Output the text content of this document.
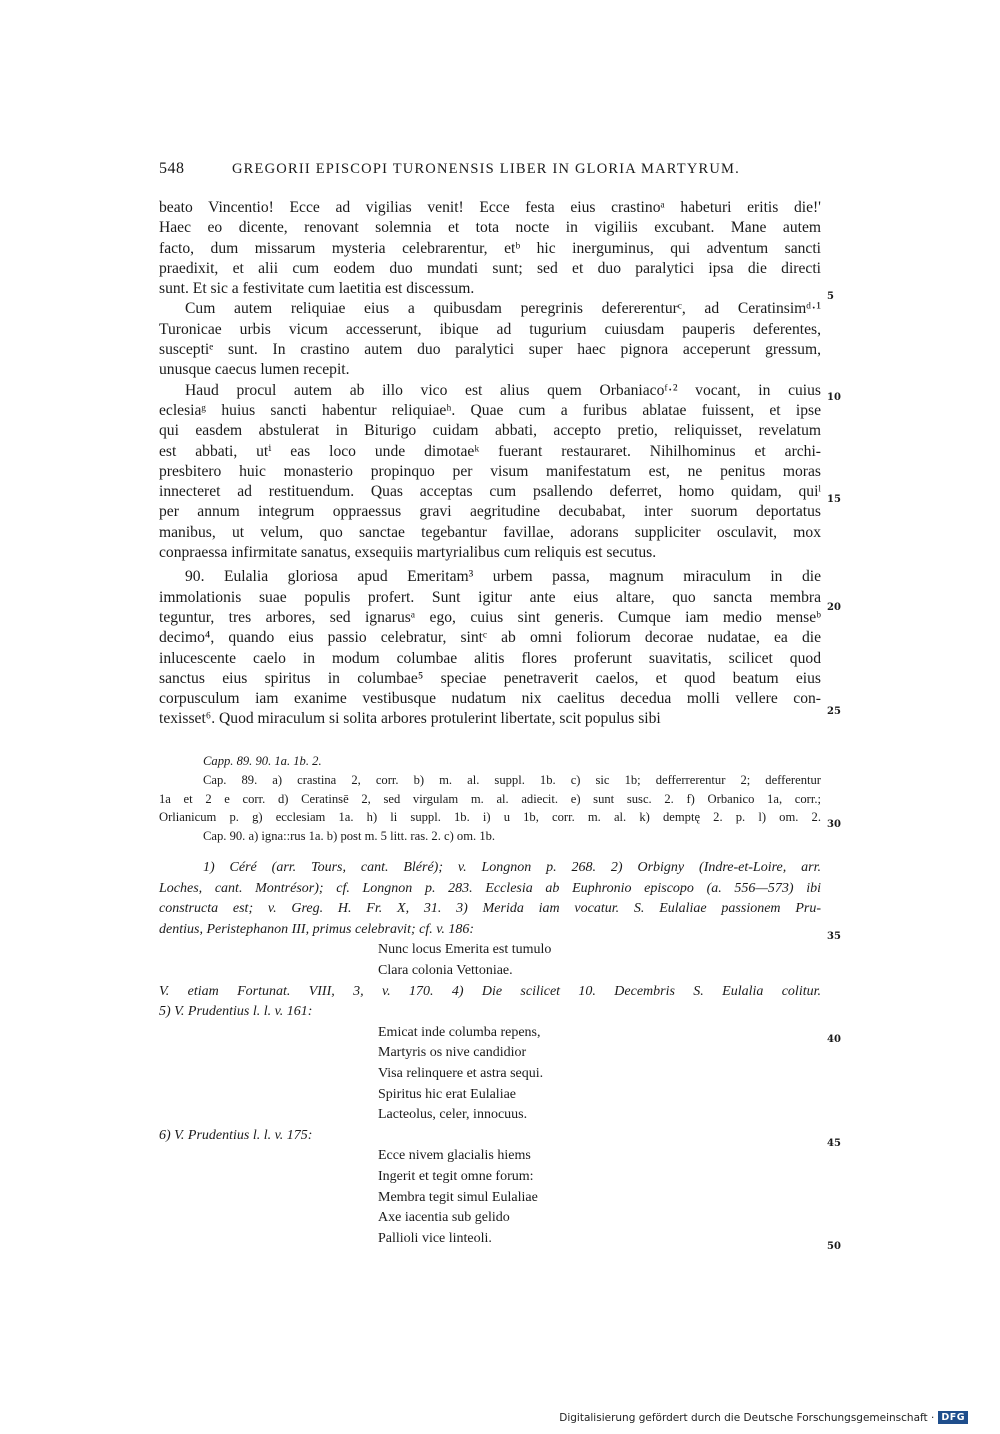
548	GREGORII EPISCOPI TURONENSIS LIBER IN GLORIA MARTYRUM.

beato Vincentio! Ecce ad vigilias venit! Ecce festa eius crastinoᵃ habeturi eritis die!'
Haec eo dicente, renovant solemnia et tota nocte in vigiliis excubant. Mane autem
facto, dum missarum mysteria celebrarentur, etᵇ hic inerguminus, qui adventum sancti
praedixit, et alii cum eodem duo mundati sunt; sed et duo paralytici ipsa die directi
sunt. Et sic a festivitate cum laetitia est discessum.

Cum autem reliquiae eius a quibusdam peregrinis defererenturᶜ, ad Ceratinsimᵈ·¹
Turonicae urbis vicum accesserunt, ibique ad tugurium cuiusdam pauperis deferentes,
susceptiᵉ sunt. In crastino autem duo paralytici super haec pignora acceperunt gressum,
unusque caecus lumen recepit.

Haud procul autem ab illo vico est alius quem Orbaniacoᶠ·² vocant, in cuius
eclesiaᵍ huius sancti habentur reliquiaeʰ. Quae cum a furibus ablatae fuissent, et ipse
qui easdem abstulerat in Biturigo cuidam abbati, accepto pretio, reliquisset, revelatum
est abbati, utⁱ eas loco unde dimotaeᵏ fuerant restauraret. Nihilhominus et archi-
presbitero huic monasterio propinquo per visum manifestatum est, ne penitus moras
innecteret ad restituendum. Quas acceptas cum psallendo deferret, homo quidam, quiˡ
per annum integrum oppraessus gravi aegritudine decubabat, inter suorum deportatus
manibus, ut velum, quo sanctae tegebantur favillae, adorans suppliciter osculavit, mox
conpraessa infirmitate sanatus, exsequiis martyrialibus cum reliquis est secutus.

90. Eulalia gloriosa apud Emeritam³ urbem passa, magnum miraculum in die
immolationis suae populis profert. Sunt igitur ante eius altare, quo sancta membra
teguntur, tres arbores, sed ignarusᵃ ego, cuius sint generis. Cumque iam medio menseᵇ
decimo⁴, quando eius passio celebratur, sintᶜ ab omni foliorum decorae nudatae, ea die
inlucescente caelo in modum columbae alitis flores proferunt suavitatis, scilicet quod
sanctus eius spiritus in columbae⁵ speciae penetraverit caelos, et quod beatum eius
corpusculum iam exanime vestibusque nudatum nix caelitus decedua molli vellere con-
texisset⁶. Quod miraculum si solita arbores protulerint libertate, scit populus sibi

Capp. 89. 90. 1a. 1b. 2.
Cap. 89. a) crastina 2, corr. b) m. al. suppl. 1b. c) sic 1b; defferrerentur 2; defferentur
1a et 2 e corr. d) Ceratinsē 2, sed virgulam m. al. adiecit. e) sunt susc. 2. f) Orbanico 1a, corr.;
Orlianicum p. g) ecclesiam 1a. h) li suppl. 1b. i) u 1b, corr. m. al. k) demptę 2. p. l) om. 2.
Cap. 90. a) igna::rus 1a. b) post m. 5 litt. ras. 2. c) om. 1b.
1) Céré (arr. Tours, cant. Bléré); v. Longnon p. 268. 2) Orbigny (Indre-et-Loire, arr.
Loches, cant. Montrésor); cf. Longnon p. 283. Ecclesia ab Euphronio episcopo (a. 556—573) ibi
constructa est; v. Greg. H. Fr. X, 31. 3) Merida iam vocatur. S. Eulaliae passionem Pru-
dentius, Peristephanon III, primus celebravit; cf. v. 186:
Nunc locus Emerita est tumulo
Clara colonia Vettoniae.
V. etiam Fortunat. VIII, 3, v. 170. 4) Die scilicet 10. Decembris S. Eulalia colitur.
5) V. Prudentius l. l. v. 161:
Emicat inde columba repens,
Martyris os nive candidior
Visa relinquere et astra sequi.
Spiritus hic erat Eulaliae
Lacteolus, celer, innocuus.
6) V. Prudentius l. l. v. 175:
Ecce nivem glacialis hiems
Ingerit et tegit omne forum:
Membra tegit simul Eulaliae
Axe iacentia sub gelido
Pallioli vice linteoli.
5
10
15
20
25
30
35
40
45
50
Digitalisierung gefördert durch die Deutsche Forschungsgemeinschaft · DFG
